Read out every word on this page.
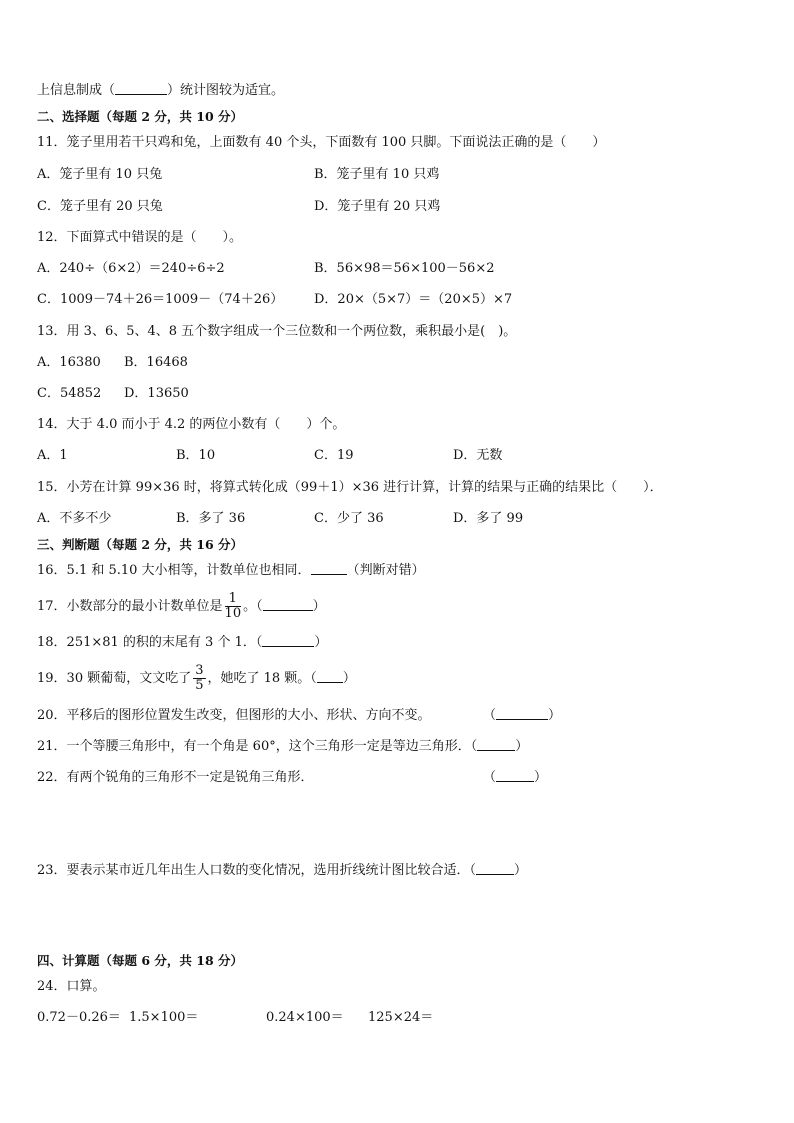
上信息制成（	）统计图较为适宜。
二、选择题（每题 2 分，共 10 分）
11．笼子里用若干只鸡和兔，上面数有 40 个头，下面数有 100 只脚。下面说法正确的是（　　）
A．笼子里有 10 只兔	B．笼子里有 10 只鸡
C．笼子里有 20 只兔	D．笼子里有 20 只鸡
12．下面算式中错误的是（　　）。
A．240÷（6×2）＝240÷6÷2	B．56×98＝56×100－56×2
C．1009－74＋26＝1009－（74＋26） D．20×（5×7）＝（20×5）×7
13．用 3、6、5、4、8 五个数字组成一个三位数和一个两位数，乘积最小是(　)。
A．16380 B．16468
C．54852 D．13650
14．大于 4.0 而小于 4.2 的两位小数有（　　）个。
A．1	B．10	C．19	D．无数
15．小芳在计算 99×36 时，将算式转化成（99＋1）×36 进行计算，计算的结果与正确的结果比（　　）．
A．不多不少	B．多了 36	C．少了 36	D．多了 99
三、判断题（每题 2 分，共 16 分）
16．5.1 和 5.10 大小相等，计数单位也相同．	（判断对错）
17．小数部分的最小计数单位是 $\frac{1}{10}$ 。（	）
18．251×81 的积的末尾有 3 个 1．（	）
19．30 颗葡萄，文文吃了 $\frac{3}{5}$ ，她吃了 18 颗。（ ）
20．平移后的图形位置发生改变，但图形的大小、形状、方向不变。	（	）
21．一个等腰三角形中，有一个角是 60°，这个三角形一定是等边三角形．（	）
22．有两个锐角的三角形不一定是锐角三角形．	（	）
23．要表示某市近几年出生人口数的变化情况，选用折线统计图比较合适．（	）
四、计算题（每题 6 分，共 18 分）
24．口算。
0.72－0.26＝ 1.5×100＝	0.24×100＝ 125×24＝
